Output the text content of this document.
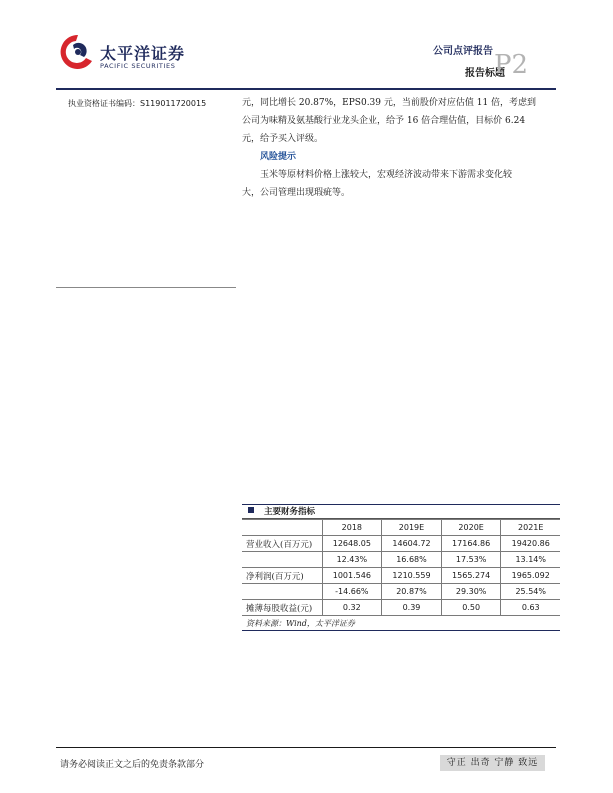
太平洋证券
PACIFIC SECURITIES
公司点评报告
报告标题
P2
执业资格证书编码：S119011720015	元，同比增长 20.87%，EPS0.39 元，当前股价对应估值 11 倍，考虑到

公司为味精及氨基酸行业龙头企业，给予 16 倍合理估值，目标价 6.24

元，给予买入评级。

风险提示

玉米等原材料价格上涨较大，宏观经济波动带来下游需求变化较

大，公司管理出现瑕疵等。

主要财务指标
	2018	2019E	2020E	2021E
营业收入(百万元)	12648.05	14604.72	17164.86	19420.86
	12.43%	16.68%	17.53%	13.14%
净利润(百万元)	1001.546	1210.559	1565.274	1965.092
	-14.66%	20.87%	29.30%	25.54%
摊薄每股收益(元)	0.32	0.39	0.50	0.63
资料来源：Wind，太平洋证券
请务必阅读正文之后的免责条款部分	守正 出奇 宁静 致远
